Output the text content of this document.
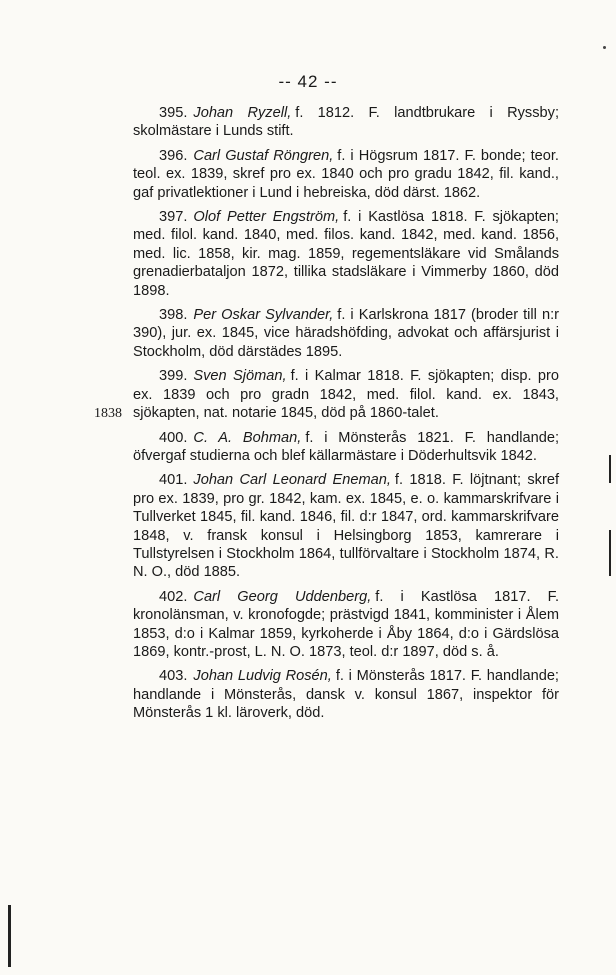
-- 42 --
1838

395. Johan Ryzell, f. 1812. F. landtbrukare i Ryssby; skolmästare i Lunds stift.

396. Carl Gustaf Röngren, f. i Högsrum 1817. F. bonde; teor. teol. ex. 1839, skref pro ex. 1840 och pro gradu 1842, fil. kand., gaf privatlektioner i Lund i hebreiska, död därst. 1862.

397. Olof Petter Engström, f. i Kastlösa 1818. F. sjökapten; med. filol. kand. 1840, med. filos. kand. 1842, med. kand. 1856, med. lic. 1858, kir. mag. 1859, regementsläkare vid Smålands grenadierbataljon 1872, tillika stadsläkare i Vimmerby 1860, död 1898.

398. Per Oskar Sylvander, f. i Karlskrona 1817 (broder till n:r 390), jur. ex. 1845, vice häradshöfding, advokat och affärsjurist i Stockholm, död därstädes 1895.

399. Sven Sjöman, f. i Kalmar 1818. F. sjökapten; disp. pro ex. 1839 och pro gradn 1842, med. filol. kand. ex. 1843, sjökapten, nat. notarie 1845, död på 1860-talet.

400. C. A. Bohman, f. i Mönsterås 1821. F. handlande; öfvergaf studierna och blef källarmästare i Döderhultsvik 1842.

401. Johan Carl Leonard Eneman, f. 1818. F. löjtnant; skref pro ex. 1839, pro gr. 1842, kam. ex. 1845, e. o. kammarskrifvare i Tullverket 1845, fil. kand. 1846, fil. d:r 1847, ord. kammarskrifvare 1848, v. fransk konsul i Helsingborg 1853, kamrerare i Tullstyrelsen i Stockholm 1864, tullförvaltare i Stockholm 1874, R. N. O., död 1885.

402. Carl Georg Uddenberg, f. i Kastlösa 1817. F. kronolänsman, v. kronofogde; prästvigd 1841, komminister i Ålem 1853, d:o i Kalmar 1859, kyrkoherde i Åby 1864, d:o i Gärdslösa 1869, kontr.-prost, L. N. O. 1873, teol. d:r 1897, död s. å.

403. Johan Ludvig Rosén, f. i Mönsterås 1817. F. handlande; handlande i Mönsterås, dansk v. konsul 1867, inspektor för Mönsterås 1 kl. läroverk, död.
